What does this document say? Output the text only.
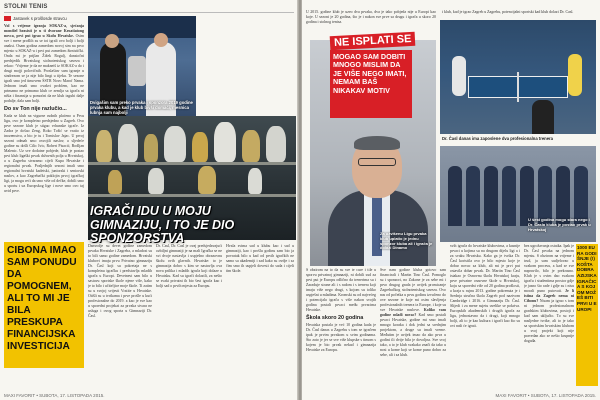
STOLNI TENIS
Jastavek s prošlosde stravcu
Vol s vrijeme igranja SOKAZ-a, sjećanja mondiel hrasisti je u ti dvorane Kroatiatong novca, prvi put igrao u Skolu Hrvatske. Osim sve i mene prošlih su se toi igrali ovo bolji i bolji anaksi. Osam godina zamedom novoj sim na prvo mjesto u SOKAZ-u i prvi put zamedom žirnistički. Onda mi je prijlan Žižek Rogulj, dansiočni predsjedik Hrvatskog stolnoteniskog saveza i rekao: ‘Vrijeme je da ne makneiš iz SOKAZ-a do i drugi mojji polovičnih. Proslaštav sam igranje u sindrezom se ja nije bilo lingi u tijeku. Te sezone igrali smo jed timovem ŠSTR Novo Marof Nama. Jednom imali smo ovakvi problem, kao ne primamo ne primamo klub ce zemlja sa igrača ni ništa i finansija u pomoćni da ne klub izgubi dalje podalje, dala sam bolji.
Do sv Ton nije razlučio...
Kada se klub na vigurne rudnih plaćeno u Prvu ligu, ovo je kompletno predsjedno u Zagreb. Ovo prve sezone klub je stigao vrhunske igrače. Iz Zadra je došao Zeng, Roko Tošić se vratio iz inozemstva, a bio je tu i Tomislav Jajac. U prvoj sezoni odmah smo osvojili naslov, a sljedeće godine su došli Cilic Ivic, Robert Pisacić, Bodljan Malenic. Uz sve dodatne pobjede, klub je postao prvi klub ligaški prvak državnih polja u Hrvatskoj, a u Zagrebu stvaramo cijeli Kupa Hrvatske i regionalni prvak. Posljednjih sezoni imali smo regionalni hrvatski kadetski, juniorski i seniorski naslov, a kao Zagrebački poklojin prvoj igračkoj ligi, ja mogu reći da smo više od dečke, dobili smo u sportu i uz Europskog lige i nove smo ovo taj uvid prve.
Dvigašim sam preko prvaka i sponzora 2019 godine prvaka klubu, a kad je klub bivši domaći, mesnica lubnja sam najbolji
IGRAČI IDU U MOJU GIMNAZIJU, I TO JE DIO SPONZORSTVA
CIBONA IMAO SAM PONUDU DA POMOGNEM, ALI TO MI JE BILA PRESKUPA FINANCIJSKA INVESTICIJA
Danvodje su devet godine zamedom prvaka Hrvatske i Zagreba, a mladost su to bili samo godine zamedom. Hrvatski klubovi imaju prvu Privatno gimnaziju Dr. Časl koji su pokretaja ne s kompletnu igračku i predstavlja mladih igrača u Europi. Devetnest sam bilo u sastavu sportske škole njene više, kako je to bilo i učiteljice moje škole. Ti zatim su u svojoj svijesti Vratite u Hrvatske. Otišli su u tvrtkama i prve prošle u kući profesionalne do 2019. a kao je sve kao u sporedni projekat za prvaka stvara ne usluga i ovog sporta u Gimnaziji Dr. Časl.
Dr. Časl, Dr. Časl je ovaj predsjedavajući ozbiljni gimnaziji je na mali Igračka se ne svi dvoje nastavlja i uspješno obrazovnu školu ovih glavnih. Hrvatske: to je gimnazija dobro s kim se nastavlja ova nova prilika i mladih igrača koji dolaze u Hrvatsku. Kad su igrači dolazili, za nešto se svaki privatni ih bio šest igrača kao i bolji sad o prvih mjesta za Europu.
Hvala svima sad u klubu kao i sad u gimnaziji, kao i prošlu godinu sam bio ja povratak bilo u kad od prvih igračkih ne samo sa akademiji i sad kako su ovdje i sa čim smo ih uspjeli dovesti do sada i cijeli tim škole.
MAXI FAVORIT • SUBOTA, 17. LISTOPADA 2015.
NE ISPLATI SE
MOGAO SAM DOBITI MNOGO MISLIM DA JE VIŠE NEGO IMATI, NEMAM BAŠ NIKAKAV MOTIV
Za uzvišenu Ligu prvaka klub uplatio je jednu sponzor kluba ali i igrača je dolazi Dinamo
Dr. Časl danas ima zaposlene dva profesionalna trenera
U šest godina mogu stara nego i Dr. Časla kluba je postao prvak u Hrvatskoj
S obzirom na to da su sve te cure i tile u sporvu privatnoj gimnaziji, ni dobili sud za prvi put je Europu odlično da trenerima su i Zaraduje strane ali i s radom i s trenera koji imaju više nego drugi, s kojom su toliko uspješni u mladima. Kromski su od najvećeg i potencijala igrača s više nakon svojih godina postali prvaci među prvacima Hrvatske.
Škola skoro 20 godina
Hrvatska postala je već 10 godina kada je Dr. Časl danas u Zagrebu s tom se igračem ipak je prvim prvakom u svim godinama. Što zato je jer se sve više klupske s timom s kojem je bio prvak nekad i gimnazija Hrvatske za Europu.
Sve nam godine kluba gotovo sam financirali i Martin Tino Časl. Pomoglo su i sponzori, no Zakone je za sebe mi i prvo drugog grada je uvijek promicanje Zagrebačkog stolnoteniskog saveza. Ovo nas od početka u prvu godinu izvučeno do ove sezone te koje mi osim slavljenja profesionalnih trenera iz Europe, i koje su sve Hrvatske naslove. Koliko vam godine mlađi novac? Kad smo postali prvaci Hrvatske, godine mi smo imali mnogo koraka i dok jedni sa srednjim projektom, a druge su imali vreme. Međutim je uvijek imao da ako prva u godini ili dvije bila je dovoljna. Sve svoj tako, a to je klub svakako znači da tako u nosi u kome koji se kome puno dobro za sebe, ali i za klub.
svih igrača do hrvatske klubovima, a kasnije prvaci u kojima su na drugom dijelu ligi a i za svaku Hrvatsku. Kako ga je tvrtka Dr. Časl koristila ovo je bilo mjesto koje je dobar novac za klub, ali mi je prvi put ostavila dobar prvak. Dr. Martin Tino Časl istakao je Osnovnu školu Hrvatskoj kraju, prve privatne osnovne škole u Hrvatskoj, koju sa sporedni više od 20 godina prošlosti, a kraja u rujnu 2013. godine pokrenuta je i Srednja stručna škola Zagreb pod nazivom Cambridge i 2016. a Gimnaziju Dr. Časl. Slijedi i za mene sujetu uvelike se pokriva. Europskih akademskih i drugih igrača za ligu, jednostavno da i drugi, koji mnogo bolji, ali to je kao kultura i igrači kao što su ovi naši će igrati.
bez ugrožavanja ostatka. Ipak je Dr. Časl prvaka na jednom mjestu. S obzirom na vrijeme i trud, ja sam sudjelovao u svakom procesu, a kad se sve napravilo, bilo je prekrasno. Klub je s ovim dao svakom igraču i studentima prostor gdje je jasno što rade i gdje su i nisu morali puno putovati. Je li istina da Zagreb nema ni Cibonu? Nisam ja igrao s tom ni jednom profesionalnom gradskim klubovima, postoji i kad sam uključio. To su sve nasljedne tvrtke, ali to je tako sa sportskim hrvatskim klubom u svoj projekt koji nije pravedan ako se nešto krupnije događa.
1000 EURA GODIŠNJE (!) KOŠTA DOBRA AZIJSKA IGRAČICA S KOJOM MOŽEŠ BITI PRVI U EUROPI
i klub, kad je igrao Zagreb u Zagrebu, potencijalni sportski kad klub dolazi Dr. Časl.
U 2015. godine klub je uzeo dva prvaka, dva je tako pobjeda nije u Europi kao koje. U sezoni je 20 godina, što je i nakon sve prve sa drugu i igrača u skoro 20 godina i stolnog tenisa.
MAXI FAVORIT • SUBOTA, 17. LISTOPADA 2015.
